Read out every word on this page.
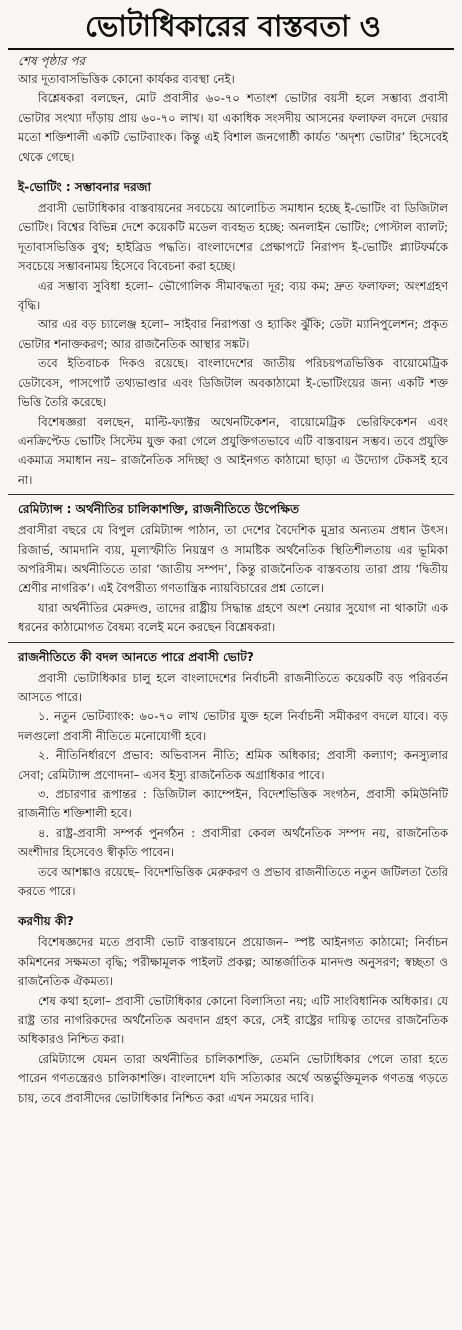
ভোটাধিকারের বাস্তবতা ও
শেষ পৃষ্ঠার পর

আর দূতাবাসভিত্তিক কোনো কার্যকর ব্যবস্থা নেই।

বিশ্লেষকরা বলছেন, মোট প্রবাসীর ৬০-৭০ শতাংশ ভোটার বয়সী হলে সম্ভাব্য প্রবাসী ভোটার সংখ্যা দাঁড়ায় প্রায় ৬০-৭০ লাখ। যা একাধিক সংসদীয় আসনের ফলাফল বদলে দেয়ার মতো শক্তিশালী একটি ভোটব্যাংক। কিন্তু এই বিশাল জনগোষ্ঠী কার্যত ‘অদৃশ্য ভোটার’ হিসেবেই থেকে গেছে।

ই-ভোটিং : সম্ভাবনার দরজা

প্রবাসী ভোটাধিকার বাস্তবায়নের সবচেয়ে আলোচিত সমাধান হচ্ছে ই-ভোটিং বা ডিজিটাল ভোটিং। বিশ্বের বিভিন্ন দেশে কয়েকটি মডেল ব্যবহৃত হচ্ছে: অনলাইন ভোটিং; পোস্টাল ব্যালট; দূতাবাসভিত্তিক বুথ; হাইব্রিড পদ্ধতি। বাংলাদেশের প্রেক্ষাপটে নিরাপদ ই-ভোটিং প্ল্যাটফর্মকে সবচেয়ে সম্ভাবনাময় হিসেবে বিবেচনা করা হচ্ছে।

এর সম্ভাব্য সুবিধা হলো– ভৌগোলিক সীমাবদ্ধতা দূর; ব্যয় কম; দ্রুত ফলাফল; অংশগ্রহণ বৃদ্ধি।

আর এর বড় চ্যালেঞ্জ হলো– সাইবার নিরাপত্তা ও হ্যাকিং ঝুঁকি; ডেটা ম্যানিপুলেশন; প্রকৃত ভোটার শনাক্তকরণ; আর রাজনৈতিক আস্থার সঙ্কট।

তবে ইতিবাচক দিকও রয়েছে। বাংলাদেশের জাতীয় পরিচয়পত্রভিত্তিক বায়োমেট্রিক ডেটাবেস, পাসপোর্ট তথ্যভাণ্ডার এবং ডিজিটাল অবকাঠামো ই-ভোটিংয়ের জন্য একটি শক্ত ভিত্তি তৈরি করেছে।

বিশেষজ্ঞরা বলছেন, মাল্টি-ফ্যাক্টর অথেনটিকেশন, বায়োমেট্রিক ভেরিফিকেশন এবং এনক্রিপ্টেড ভোটিং সিস্টেম যুক্ত করা গেলে প্রযুক্তিগতভাবে এটি বাস্তবায়ন সম্ভব। তবে প্রযুক্তি একমাত্র সমাধান নয়– রাজনৈতিক সদিচ্ছা ও আইনগত কাঠামো ছাড়া এ উদ্যোগ টেকসই হবে না।

রেমিট্যান্স : অর্থনীতির চালিকাশক্তি, রাজনীতিতে উপেক্ষিত

প্রবাসীরা বছরে যে বিপুল রেমিট্যান্স পাঠান, তা দেশের বৈদেশিক মুদ্রার অন্যতম প্রধান উৎস। রিজার্ভ, আমদানি ব্যয়, মূল্যস্ফীতি নিয়ন্ত্রণ ও সামষ্টিক অর্থনৈতিক স্থিতিশীলতায় এর ভূমিকা অপরিসীম। অর্থনীতিতে তারা ‘জাতীয় সম্পদ’, কিন্তু রাজনৈতিক বাস্তবতায় তারা প্রায় ‘দ্বিতীয় শ্রেণীর নাগরিক’। এই বৈপরীত্য গণতান্ত্রিক ন্যায়বিচারের প্রশ্ন তোলে।

যারা অর্থনীতির মেরুদণ্ড, তাদের রাষ্ট্রীয় সিদ্ধান্ত গ্রহণে অংশ নেয়ার সুযোগ না থাকাটা এক ধরনের কাঠামোগত বৈষম্য বলেই মনে করছেন বিশ্লেষকরা।

রাজনীতিতে কী বদল আনতে পারে প্রবাসী ভোট?

প্রবাসী ভোটাধিকার চালু হলে বাংলাদেশের নির্বাচনী রাজনীতিতে কয়েকটি বড় পরিবর্তন আসতে পারে।

১. নতুন ভোটব্যাংক: ৬০-৭০ লাখ ভোটার যুক্ত হলে নির্বাচনী সমীকরণ বদলে যাবে। বড় দলগুলো প্রবাসী নীতিতে মনোযোগী হবে।

২. নীতিনির্ধারণে প্রভাব: অভিবাসন নীতি; শ্রমিক অধিকার; প্রবাসী কল্যাণ; কনস্যুলার সেবা; রেমিট্যান্স প্রণোদনা– এসব ইস্যু রাজনৈতিক অগ্রাধিকার পাবে।

৩. প্রচারণার রূপান্তর : ডিজিটাল ক্যাম্পেইন, বিদেশভিত্তিক সংগঠন, প্রবাসী কমিউনিটি রাজনীতি শক্তিশালী হবে।

৪. রাষ্ট্র-প্রবাসী সম্পর্ক পুনর্গঠন : প্রবাসীরা কেবল অর্থনৈতিক সম্পদ নয়, রাজনৈতিক অংশীদার হিসেবেও স্বীকৃতি পাবেন।

তবে আশঙ্কাও রয়েছে– বিদেশভিত্তিক মেরুকরণ ও প্রভাব রাজনীতিতে নতুন জটিলতা তৈরি করতে পারে।

করণীয় কী?

বিশেষজ্ঞদের মতে প্রবাসী ভোট বাস্তবায়নে প্রয়োজন– স্পষ্ট আইনগত কাঠামো; নির্বাচন কমিশনের সক্ষমতা বৃদ্ধি; পরীক্ষামূলক পাইলট প্রকল্প; আন্তর্জাতিক মানদণ্ড অনুসরণ; স্বচ্ছতা ও রাজনৈতিক ঐকমত্য।

শেষ কথা হলো– প্রবাসী ভোটাধিকার কোনো বিলাসিতা নয়; এটি সাংবিধানিক অধিকার। যে রাষ্ট্র তার নাগরিকদের অর্থনৈতিক অবদান গ্রহণ করে, সেই রাষ্ট্রের দায়িত্ব তাদের রাজনৈতিক অধিকারও নিশ্চিত করা।

রেমিট্যান্সে যেমন তারা অর্থনীতির চালিকাশক্তি, তেমনি ভোটাধিকার পেলে তারা হতে পারেন গণতন্ত্রেরও চালিকাশক্তি। বাংলাদেশ যদি সত্যিকার অর্থে অন্তর্ভুক্তিমূলক গণতন্ত্র গড়তে চায়, তবে প্রবাসীদের ভোটাধিকার নিশ্চিত করা এখন সময়ের দাবি।
